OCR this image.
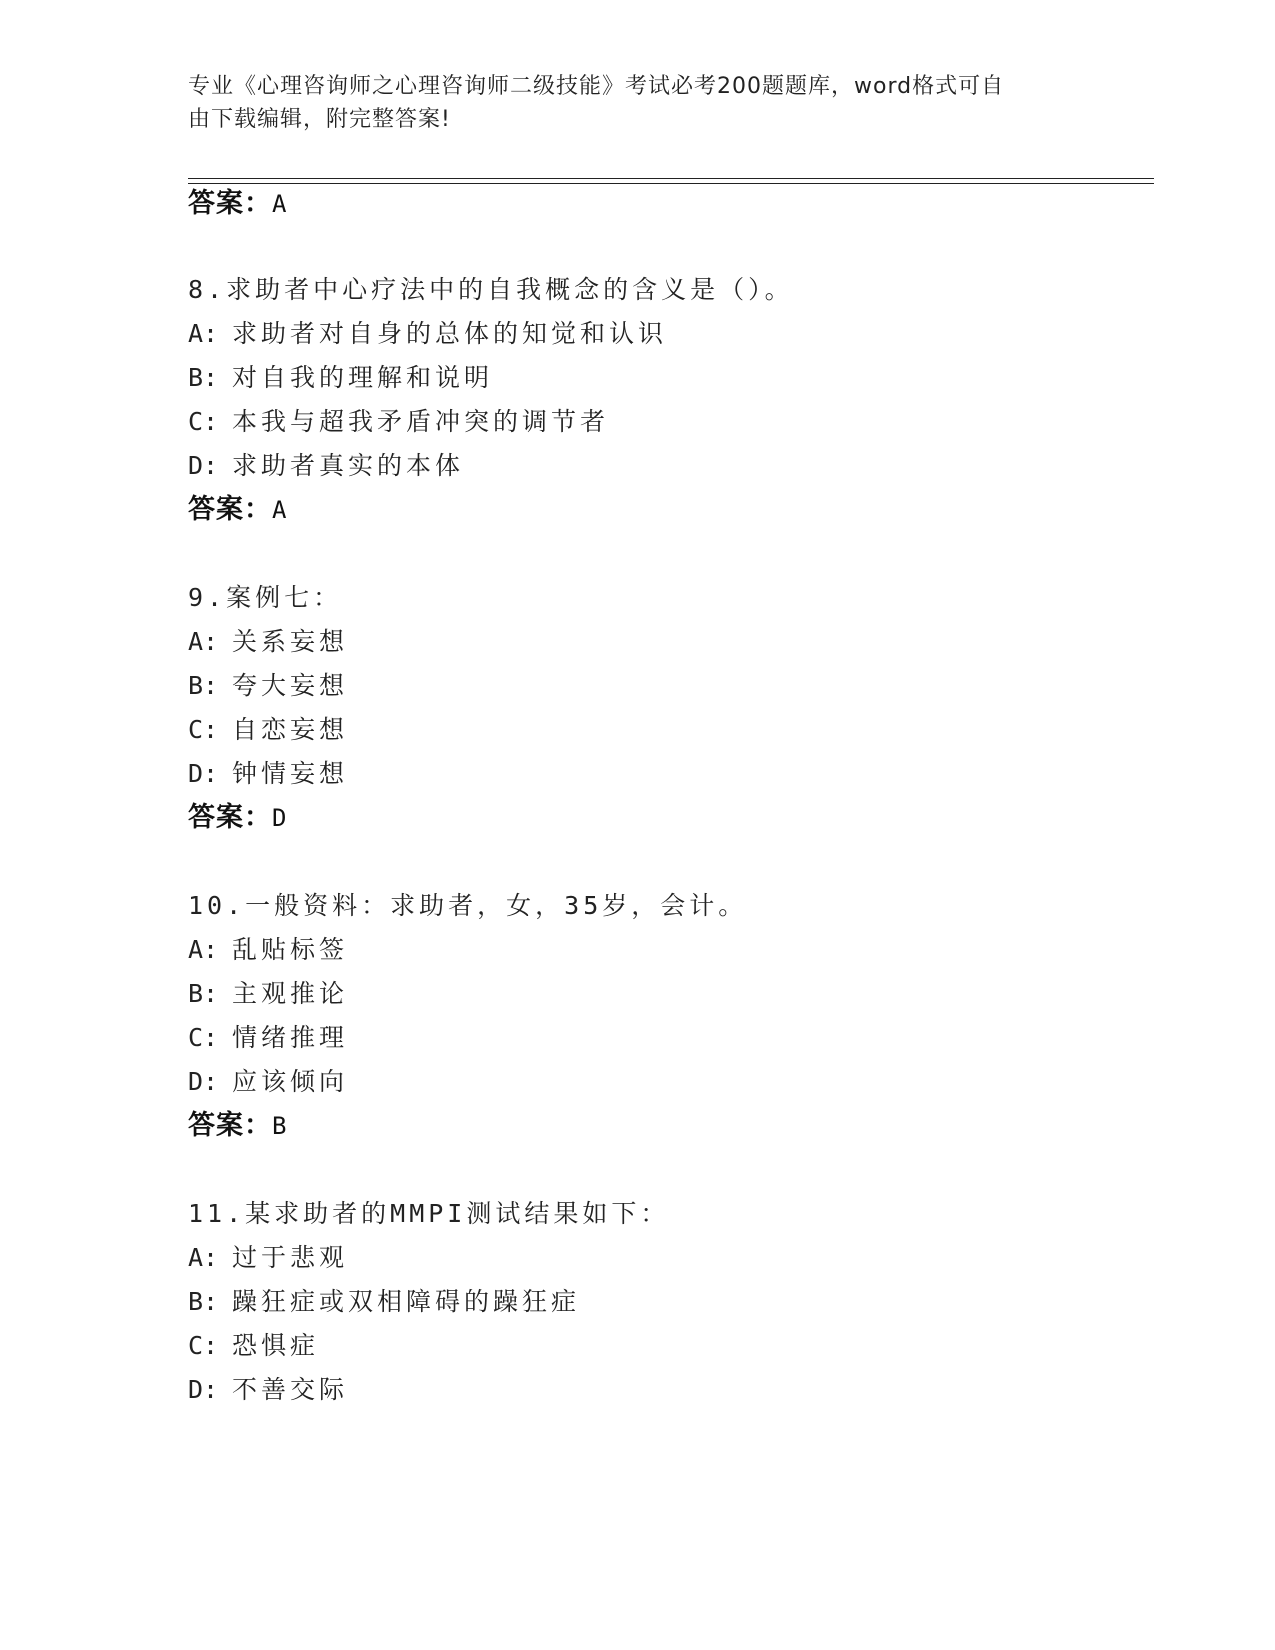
专业《心理咨询师之心理咨询师二级技能》考试必考200题题库，word格式可自
由下载编辑，附完整答案!
答案：A
8.求助者中心疗法中的自我概念的含义是（）。
A: 求助者对自身的总体的知觉和认识
B: 对自我的理解和说明
C: 本我与超我矛盾冲突的调节者
D: 求助者真实的本体
答案：A
9.案例七：
A: 关系妄想
B: 夸大妄想
C: 自恋妄想
D: 钟情妄想
答案：D
10.一般资料：求助者，女，35岁，会计。
A: 乱贴标签
B: 主观推论
C: 情绪推理
D: 应该倾向
答案：B
11.某求助者的MMPI测试结果如下：
A: 过于悲观
B: 躁狂症或双相障碍的躁狂症
C: 恐惧症
D: 不善交际
